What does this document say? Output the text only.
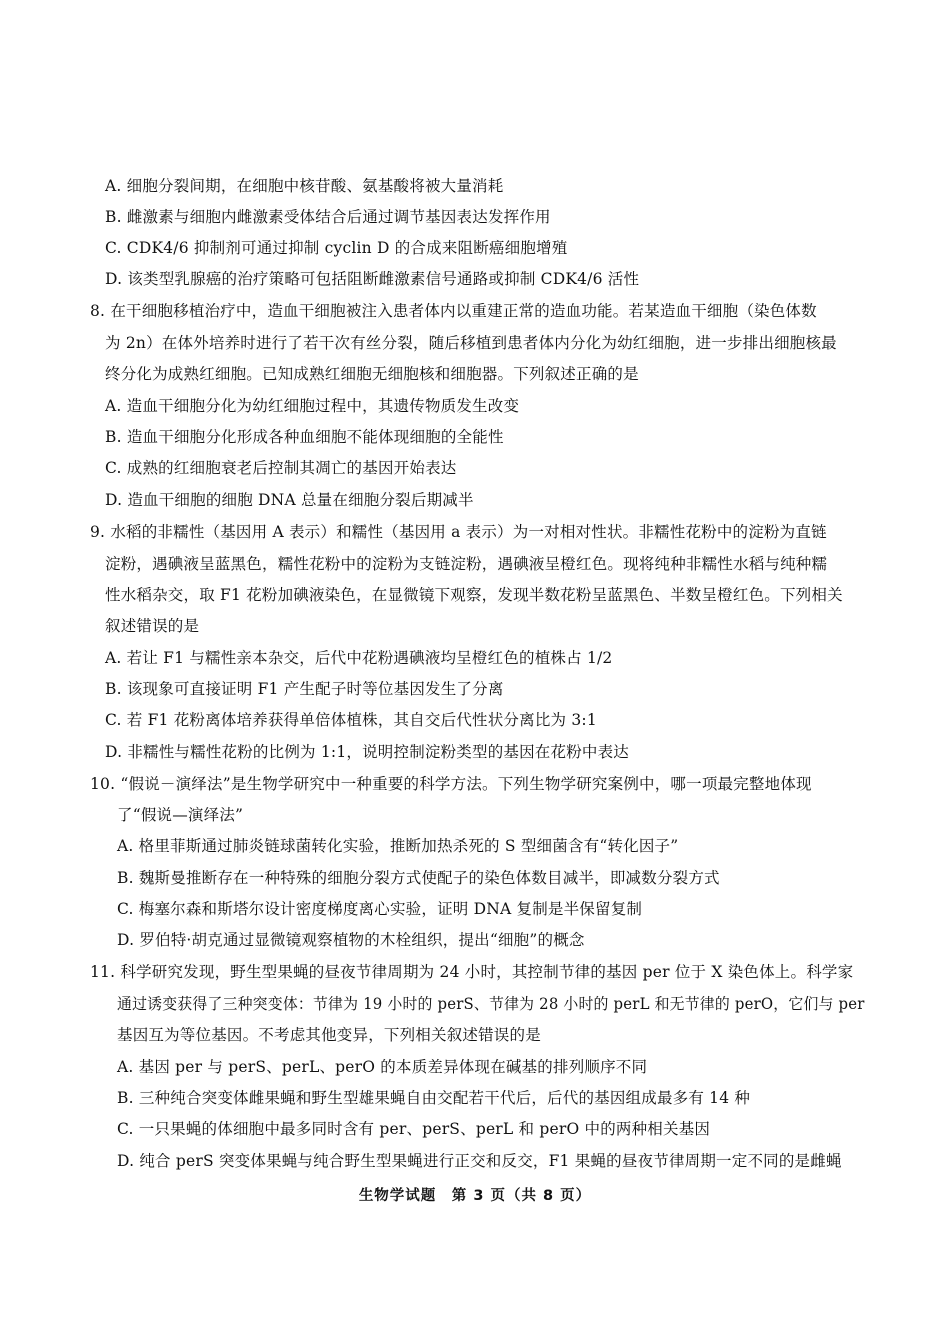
A. 细胞分裂间期，在细胞中核苷酸、氨基酸将被大量消耗
B. 雌激素与细胞内雌激素受体结合后通过调节基因表达发挥作用
C. CDK4/6 抑制剂可通过抑制 cyclin D 的合成来阻断癌细胞增殖
D. 该类型乳腺癌的治疗策略可包括阻断雌激素信号通路或抑制 CDK4/6 活性
8. 在干细胞移植治疗中，造血干细胞被注入患者体内以重建正常的造血功能。若某造血干细胞（染色体数
为 2n）在体外培养时进行了若干次有丝分裂，随后移植到患者体内分化为幼红细胞，进一步排出细胞核最
终分化为成熟红细胞。已知成熟红细胞无细胞核和细胞器。下列叙述正确的是
A. 造血干细胞分化为幼红细胞过程中，其遗传物质发生改变
B. 造血干细胞分化形成各种血细胞不能体现细胞的全能性
C. 成熟的红细胞衰老后控制其凋亡的基因开始表达
D. 造血干细胞的细胞 DNA 总量在细胞分裂后期减半
9. 水稻的非糯性（基因用 A 表示）和糯性（基因用 a 表示）为一对相对性状。非糯性花粉中的淀粉为直链
淀粉，遇碘液呈蓝黑色，糯性花粉中的淀粉为支链淀粉，遇碘液呈橙红色。现将纯种非糯性水稻与纯种糯
性水稻杂交，取 F1 花粉加碘液染色，在显微镜下观察，发现半数花粉呈蓝黑色、半数呈橙红色。下列相关
叙述错误的是
A. 若让 F1 与糯性亲本杂交，后代中花粉遇碘液均呈橙红色的植株占 1/2
B. 该现象可直接证明 F1 产生配子时等位基因发生了分离
C. 若 F1 花粉离体培养获得单倍体植株，其自交后代性状分离比为 3:1
D. 非糯性与糯性花粉的比例为 1:1，说明控制淀粉类型的基因在花粉中表达
10. “假说－演绎法”是生物学研究中一种重要的科学方法。下列生物学研究案例中，哪一项最完整地体现
了“假说—演绎法”
A. 格里菲斯通过肺炎链球菌转化实验，推断加热杀死的 S 型细菌含有“转化因子”
B. 魏斯曼推断存在一种特殊的细胞分裂方式使配子的染色体数目减半，即减数分裂方式
C. 梅塞尔森和斯塔尔设计密度梯度离心实验，证明 DNA 复制是半保留复制
D. 罗伯特·胡克通过显微镜观察植物的木栓组织，提出“细胞”的概念
11. 科学研究发现，野生型果蝇的昼夜节律周期为 24 小时，其控制节律的基因 per 位于 X 染色体上。科学家
通过诱变获得了三种突变体：节律为 19 小时的 perS、节律为 28 小时的 perL 和无节律的 perO，它们与 per
基因互为等位基因。不考虑其他变异，下列相关叙述错误的是
A. 基因 per 与 perS、perL、perO 的本质差异体现在碱基的排列顺序不同
B. 三种纯合突变体雌果蝇和野生型雄果蝇自由交配若干代后，后代的基因组成最多有 14 种
C. 一只果蝇的体细胞中最多同时含有 per、perS、perL 和 perO 中的两种相关基因
D. 纯合 perS 突变体果蝇与纯合野生型果蝇进行正交和反交，F1 果蝇的昼夜节律周期一定不同的是雌蝇
生物学试题　第 3 页（共 8 页）
